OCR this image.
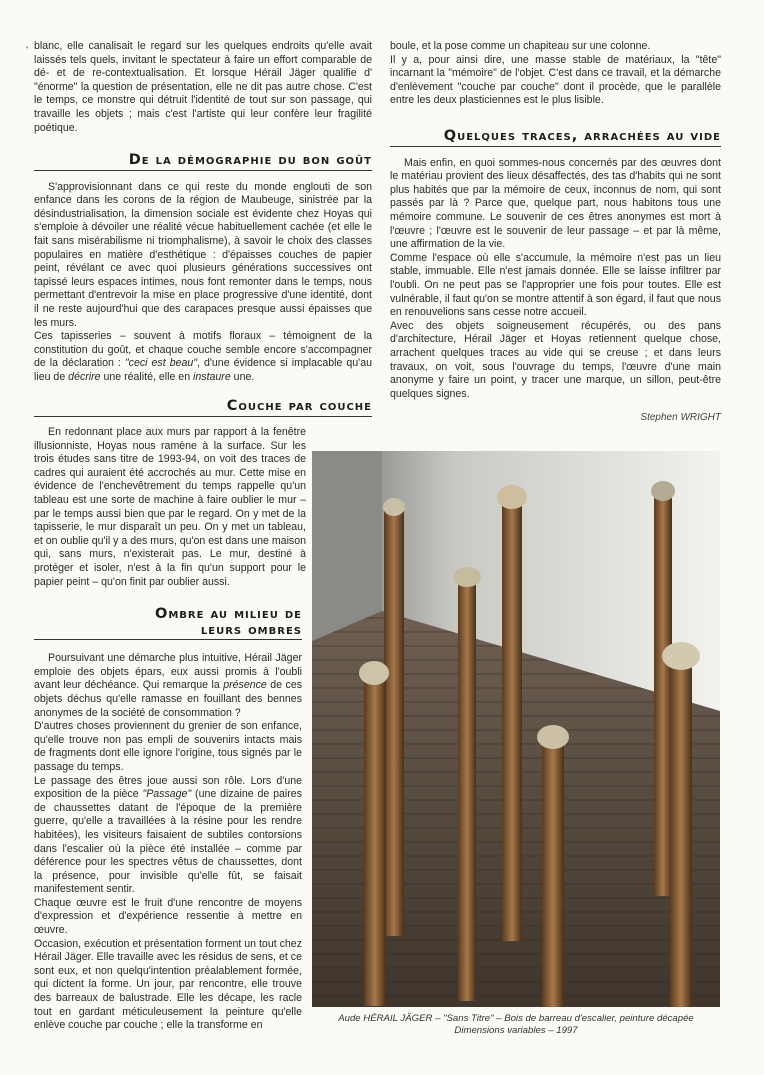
• blanc, elle canalisait le regard sur les quelques endroits qu'elle avait laissés tels quels, invitant le spectateur à faire un effort comparable de dé- et de re-contextualisation. Et lorsque Hérail Jäger qualifie d' "énorme" la question de présentation, elle ne dit pas autre chose. C'est le temps, ce monstre qui détruit l'identité de tout sur son passage, qui travaille les objets ; mais c'est l'artiste qui leur confère leur fragilité poétique.

De la démographie du bon goût

S'approvisionnant dans ce qui reste du monde englouti de son enfance dans les corons de la région de Maubeuge, sinistrée par la désindustrialisation, la dimension sociale est évidente chez Hoyas qui s'emploie à dévoiler une réalité vécue habituellement cachée (et elle le fait sans misérabilisme ni triomphalisme), à savoir le choix des classes populaires en matière d'esthétique : d'épaisses couches de papier peint, révélant ce avec quoi plusieurs générations successives ont tapissé leurs espaces intimes, nous font remonter dans le temps, nous permettant d'entrevoir la mise en place progressive d'une identité, dont il ne reste aujourd'hui que des carapaces presque aussi épaisses que les murs.

Ces tapisseries – souvent à motifs floraux – témoignent de la constitution du goût, et chaque couche semble encore s'accompagner de la déclaration : "ceci est beau", d'une évidence si implacable qu'au lieu de décrire une réalité, elle en instaure une.

Couche par couche

En redonnant place aux murs par rapport à la fenêtre illusionniste, Hoyas nous ramène à la surface. Sur les trois études sans titre de 1993-94, on voit des traces de cadres qui auraient été accrochés au mur. Cette mise en évidence de l'enchevêtrement du temps rappelle qu'un tableau est une sorte de machine à faire oublier le mur – par le temps aussi bien que par le regard. On y met de la tapisserie, le mur disparaît un peu. On y met un tableau, et on oublie qu'il y a des murs, qu'on est dans une maison qui, sans murs, n'existerait pas. Le mur, destiné à protéger et isoler, n'est à la fin qu'un support pour le papier peint – qu'on finit par oublier aussi.

Ombre au milieu de
leurs ombres

Poursuivant une démarche plus intuitive, Hérail Jäger emploie des objets épars, eux aussi promis à l'oubli avant leur déchéance. Qui remarque la présence de ces objets déchus qu'elle ramasse en fouillant des bennes anonymes de la société de consommation ?

D'autres choses proviennent du grenier de son enfance, qu'elle trouve non pas empli de souvenirs intacts mais de fragments dont elle ignore l'origine, tous signés par le passage du temps.

Le passage des êtres joue aussi son rôle. Lors d'une exposition de la pièce "Passage" (une dizaine de paires de chaussettes datant de l'époque de la première guerre, qu'elle a travaillées à la résine pour les rendre habitées), les visiteurs faisaient de subtiles contorsions dans l'escalier où la pièce été installée – comme par déférence pour les spectres vêtus de chaussettes, dont la présence, pour invisible qu'elle fût, se faisait manifestement sentir.

Chaque œuvre est le fruit d'une rencontre de moyens d'expression et d'expérience ressentie à mettre en œuvre.

Occasion, exécution et présentation forment un tout chez Hérail Jäger. Elle travaille avec les résidus de sens, et ce sont eux, et non quelqu'intention préalablement formée, qui dictent la forme. Un jour, par rencontre, elle trouve des barreaux de balustrade. Elle les décape, les racle tout en gardant méticuleusement la peinture qu'elle enlève couche par couche ; elle la transforme en

boule, et la pose comme un chapiteau sur une colonne.

Il y a, pour ainsi dire, une masse stable de matériaux, la "tête" incarnant la "mémoire" de l'objet. C'est dans ce travail, et la démarche d'enlèvement "couche par couche" dont il procède, que le parallèle entre les deux plasticiennes est le plus lisible.

Quelques traces, arrachées au vide

Mais enfin, en quoi sommes-nous concernés par des œuvres dont le matériau provient des lieux désaffectés, des tas d'habits qui ne sont plus habités que par la mémoire de ceux, inconnus de nom, qui sont passés par là ? Parce que, quelque part, nous habitons tous une mémoire commune. Le souvenir de ces êtres anonymes est mort à l'œuvre ; l'œuvre est le souvenir de leur passage – et par là même, une affirmation de la vie.

Comme l'espace où elle s'accumule, la mémoire n'est pas un lieu stable, immuable. Elle n'est jamais donnée. Elle se laisse infiltrer par l'oubli. On ne peut pas se l'approprier une fois pour toutes. Elle est vulnérable, il faut qu'on se montre attentif à son égard, il faut que nous en renouvelions sans cesse notre accueil.

Avec des objets soigneusement récupérés, ou des pans d'architecture, Hérail Jäger et Hoyas retiennent quelque chose, arrachent quelques traces au vide qui se creuse ; et dans leurs travaux, on voit, sous l'ouvrage du temps, l'œuvre d'une main anonyme y faire un point, y tracer une marque, un sillon, peut-être quelques signes.

Stephen WRIGHT

Aude HÉRAIL JÄGER – "Sans Titre" – Bois de barreau d'escalier, peinture décapée
Dimensions variables – 1997
